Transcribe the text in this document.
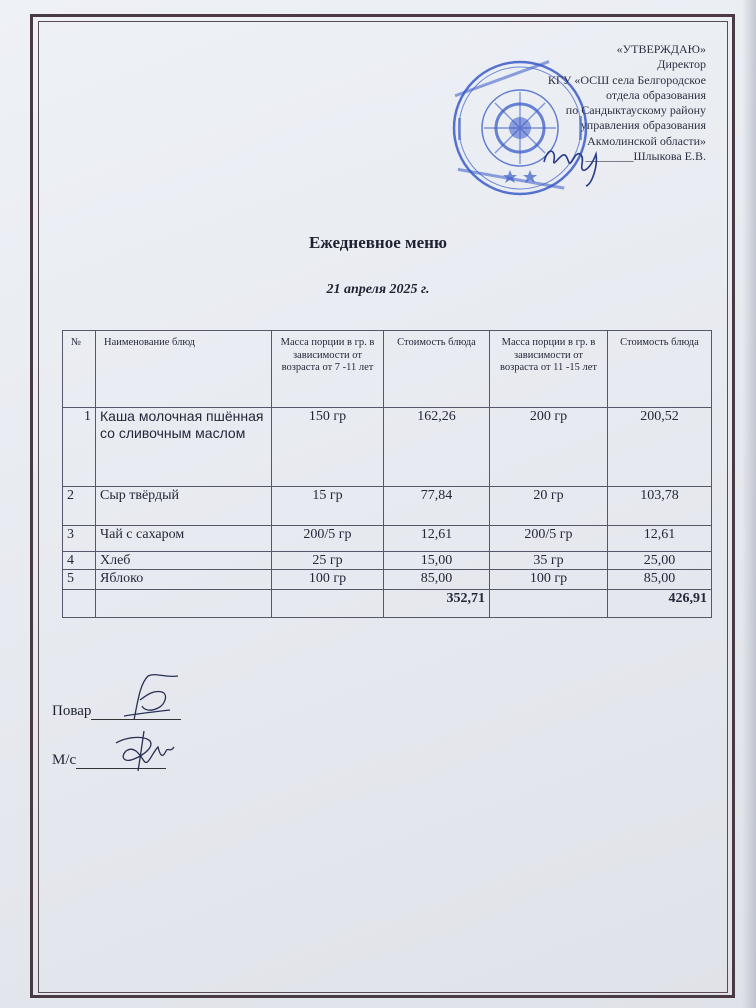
«УТВЕРЖДАЮ»
Директор
КГУ «ОСШ села Белгородское
отдела образования
по Сандыктаускому району
управления образования
Акмолинской области»
________Шлыкова Е.В.
Ежедневное меню
21 апреля 2025 г.
№	Наименование блюд	Масса порции в гр. в зависимости от возраста от 7 -11 лет	Стоимость блюда	Масса порции в гр. в зависимости от возраста от 11 -15 лет	Стоимость блюда
1	Каша молочная пшённая со сливочным маслом	150 гр	162,26	200 гр	200,52
2	Сыр твёрдый	15 гр	77,84	20 гр	103,78
3	Чай с сахаром	200/5 гр	12,61	200/5 гр	12,61
4	Хлеб	25 гр	15,00	35 гр	25,00
5	Яблоко	100 гр	85,00	100 гр	85,00
			352,71		426,91
Повар
М/с
